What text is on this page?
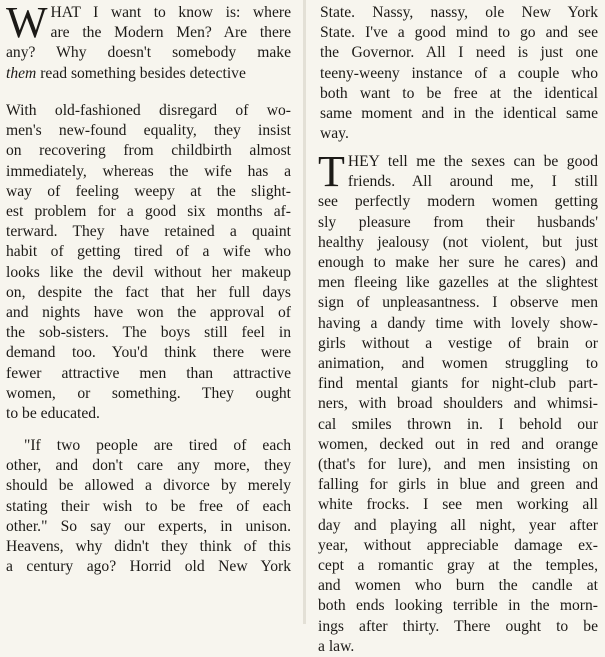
W HAT I want to know is: where
are the Modern Men? Are there
any? Why doesn't somebody make
them read something besides detective

With old-fashioned disregard of wo-
men's new-found equality, they insist
on recovering from childbirth almost
immediately, whereas the wife has a
way of feeling weepy at the slight-
est problem for a good six months af-
terward. They have retained a quaint
habit of getting tired of a wife who
looks like the devil without her makeup
on, despite the fact that her full days
and nights have won the approval of
the sob-sisters. The boys still feel in
demand too. You'd think there were
fewer attractive men than attractive
women, or something. They ought
to be educated.

"If two people are tired of each
other, and don't care any more, they
should be allowed a divorce by merely
stating their wish to be free of each
other." So say our experts, in unison.
Heavens, why didn't they think of this
a century ago? Horrid old New York

State. Nassy, nassy, ole New York
State. I've a good mind to go and see
the Governor. All I need is just one
teeny-weeny instance of a couple who
both want to be free at the identical
same moment and in the identical same
way.

T HEY tell me the sexes can be good
friends. All around me, I still
see perfectly modern women getting
sly pleasure from their husbands'
healthy jealousy (not violent, but just
enough to make her sure he cares) and
men fleeing like gazelles at the slightest
sign of unpleasantness. I observe men
having a dandy time with lovely show-
girls without a vestige of brain or
animation, and women struggling to
find mental giants for night-club part-
ners, with broad shoulders and whimsi-
cal smiles thrown in. I behold our
women, decked out in red and orange
(that's for lure), and men insisting on
falling for girls in blue and green and
white frocks. I see men working all
day and playing all night, year after
year, without appreciable damage ex-
cept a romantic gray at the temples,
and women who burn the candle at
both ends looking terrible in the morn-
ings after thirty. There ought to be
a law.
